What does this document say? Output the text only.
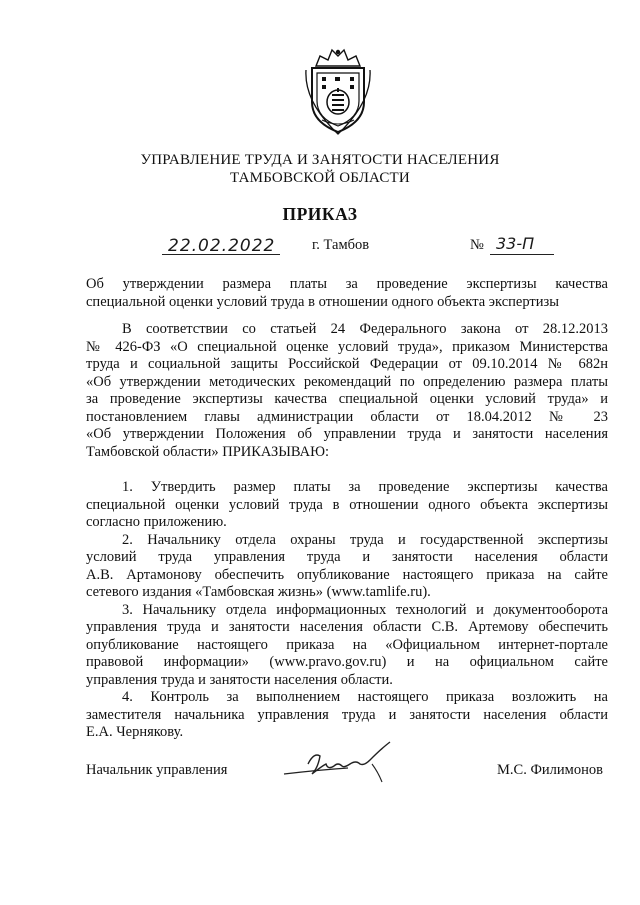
УПРАВЛЕНИЕ ТРУДА И ЗАНЯТОСТИ НАСЕЛЕНИЯ
ТАМБОВСКОЙ ОБЛАСТИ
ПРИКАЗ
22.02.2022	г. Тамбов	№ 33-П
Об утверждении размера платы за проведение экспертизы качества
специальной оценки условий труда в отношении одного объекта экспертизы
В соответствии со статьей 24 Федерального закона от 28.12.2013
№ 426-ФЗ «О специальной оценке условий труда», приказом Министерства
труда и социальной защиты Российской Федерации от 09.10.2014 № 682н
«Об утверждении методических рекомендаций по определению размера платы
за проведение экспертизы качества специальной оценки условий труда» и
постановлением главы администрации области от 18.04.2012 № 23
«Об утверждении Положения об управлении труда и занятости населения
Тамбовской области» ПРИКАЗЫВАЮ:
1. Утвердить размер платы за проведение экспертизы качества
специальной оценки условий труда в отношении одного объекта экспертизы
согласно приложению.
2. Начальнику отдела охраны труда и государственной экспертизы
условий труда управления труда и занятости населения области
А.В. Артамонову обеспечить опубликование настоящего приказа на сайте
сетевого издания «Тамбовская жизнь» (www.tamlife.ru).
3. Начальнику отдела информационных технологий и документооборота
управления труда и занятости населения области С.В. Артемову обеспечить
опубликование настоящего приказа на «Официальном интернет-портале
правовой информации» (www.pravo.gov.ru) и на официальном сайте
управления труда и занятости населения области.
4. Контроль за выполнением настоящего приказа возложить на
заместителя начальника управления труда и занятости населения области
Е.А. Чернякову.
Начальник управления	М.С. Филимонов
